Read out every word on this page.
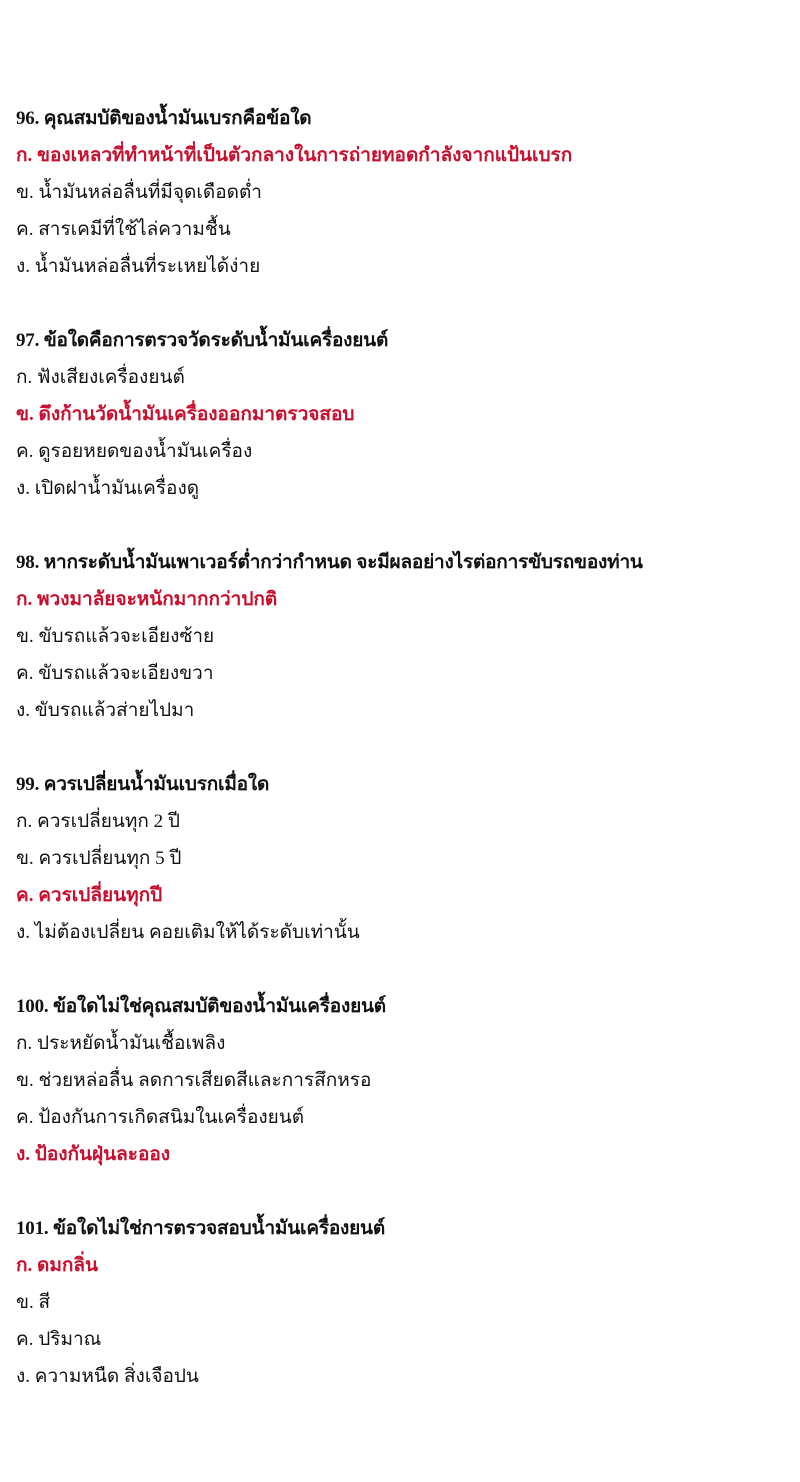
96. คุณสมบัติของน้ำมันเบรกคือข้อใด
ก. ของเหลวที่ทำหน้าที่เป็นตัวกลางในการถ่ายทอดกำลังจากแป้นเบรก
ข. น้ำมันหล่อลื่นที่มีจุดเดือดต่ำ
ค. สารเคมีที่ใช้ไล่ความชื้น
ง. น้ำมันหล่อลื่นที่ระเหยได้ง่าย
97. ข้อใดคือการตรวจวัดระดับน้ำมันเครื่องยนต์
ก. ฟังเสียงเครื่องยนต์
ข. ดึงก้านวัดน้ำมันเครื่องออกมาตรวจสอบ
ค. ดูรอยหยดของน้ำมันเครื่อง
ง. เปิดฝาน้ำมันเครื่องดู
98. หากระดับน้ำมันเพาเวอร์ต่ำกว่ากำหนด จะมีผลอย่างไรต่อการขับรถของท่าน
ก. พวงมาลัยจะหนักมากกว่าปกติ
ข. ขับรถแล้วจะเอียงซ้าย
ค. ขับรถแล้วจะเอียงขวา
ง. ขับรถแล้วส่ายไปมา
99. ควรเปลี่ยนน้ำมันเบรกเมื่อใด
ก. ควรเปลี่ยนทุก 2 ปี
ข. ควรเปลี่ยนทุก 5 ปี
ค. ควรเปลี่ยนทุกปี
ง. ไม่ต้องเปลี่ยน คอยเติมให้ได้ระดับเท่านั้น
100. ข้อใดไม่ใช่คุณสมบัติของน้ำมันเครื่องยนต์
ก. ประหยัดน้ำมันเชื้อเพลิง
ข. ช่วยหล่อลื่น ลดการเสียดสีและการสึกหรอ
ค. ป้องกันการเกิดสนิมในเครื่องยนต์
ง. ป้องกันฝุ่นละออง
101. ข้อใดไม่ใช่การตรวจสอบน้ำมันเครื่องยนต์
ก. ดมกลิ่น
ข. สี
ค. ปริมาณ
ง. ความหนืด สิ่งเจือปน
